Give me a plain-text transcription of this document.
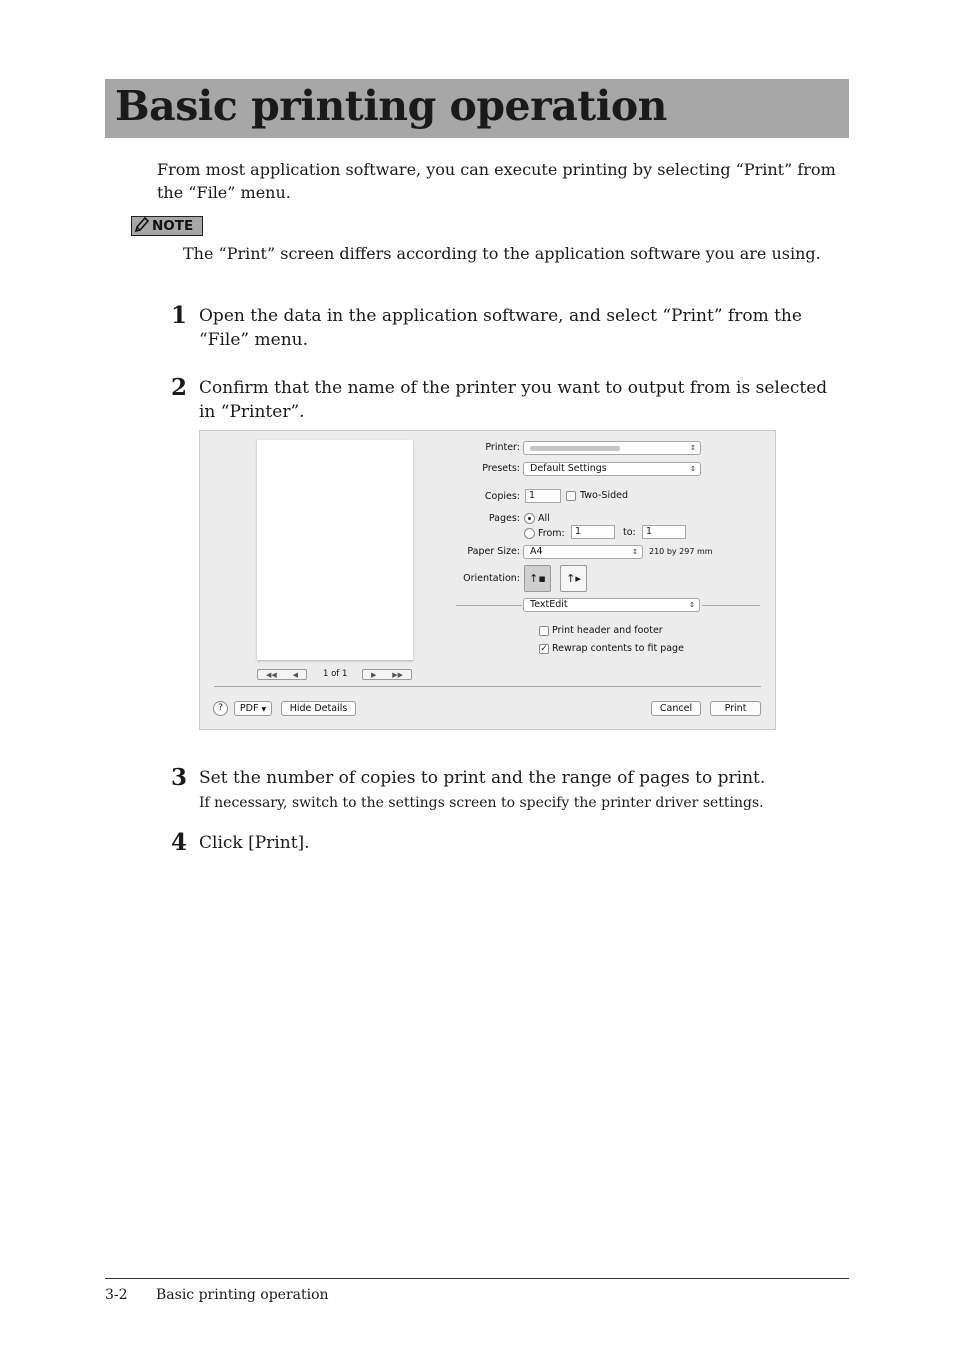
Basic printing operation
From most application software, you can execute printing by selecting “Print” from the “File” menu.
NOTE
The “Print” screen differs according to the application software you are using.
1 Open the data in the application software, and select “Print” from the “File” menu.
2 Confirm that the name of the printer you want to output from is selected in “Printer”.
◀◀ ◀	1 of 1	▶ ▶▶
Printer:	↕
Presets:	Default Settings	↕
Copies: 1	Two-Sided
Pages: All
From:	1	to:	1
Paper Size:	A4	↕ 210 by 297 mm
Orientation: ↑▪ ↑▸
TextEdit	↕
Print header and footer
✓ Rewrap contents to fit page
?	PDF ▼	Hide Details	Cancel	Print
3 Set the number of copies to print and the range of pages to print.
If necessary, switch to the settings screen to specify the printer driver settings.
4 Click [Print].
3-2 Basic printing operation
